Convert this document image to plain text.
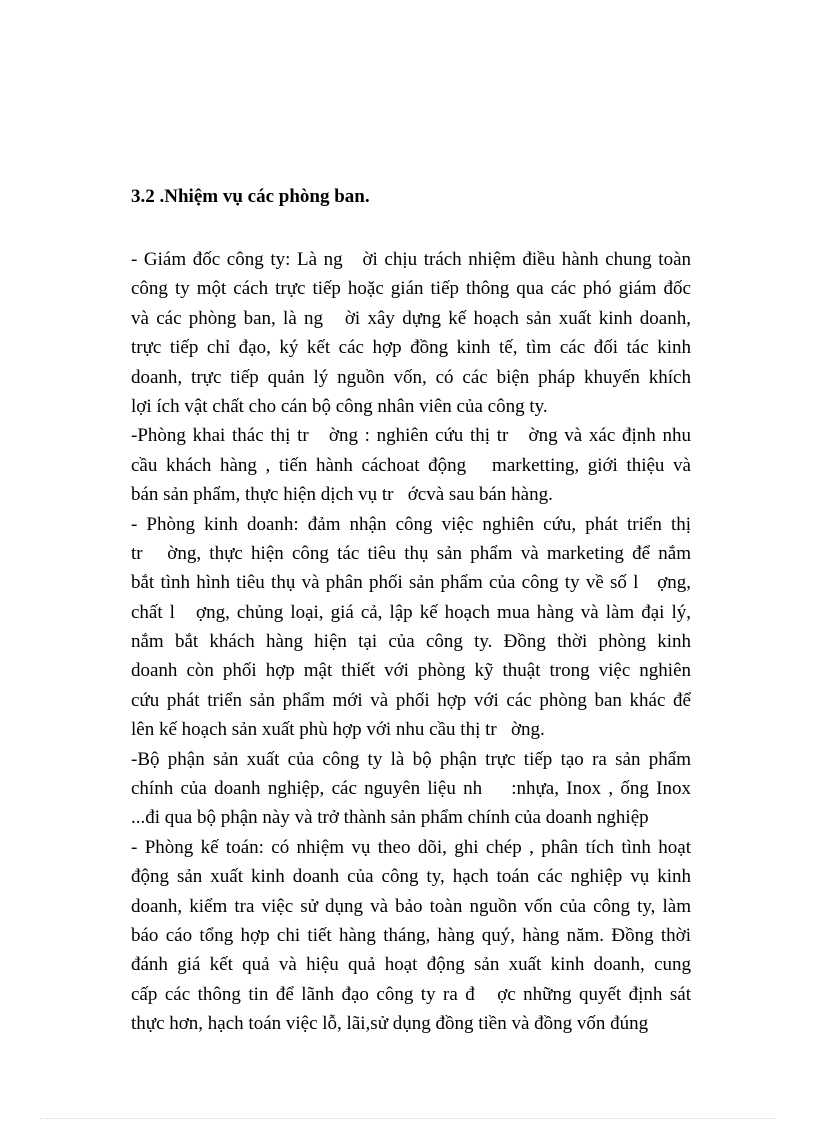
3.2 .Nhiệm vụ các phòng ban.
- Giám đốc công ty: Là ng   ời chịu trách nhiệm điều hành chung toàn
công ty một cách trực tiếp hoặc gián tiếp thông qua các phó giám đốc
và các phòng ban, là ng   ời xây dựng kế hoạch sản xuất kinh doanh,
trực tiếp chỉ đạo, ký kết các hợp đồng kinh tế, tìm các đối tác kinh
doanh, trực tiếp quản lý nguồn vốn, có các biện pháp khuyến khích
lợi ích vật chất cho cán bộ công nhân viên của công ty.
-Phòng khai thác thị tr   ờng : nghiên cứu thị tr   ờng và xác định nhu
cầu khách hàng , tiến hành cáchoat động   marketting, giới thiệu và
bán sản phẩm, thực hiện dịch vụ tr   ớcvà sau bán hàng.
- Phòng kinh doanh: đảm nhận công việc nghiên cứu, phát triển thị
tr   ờng, thực hiện công tác tiêu thụ sản phẩm và marketing để nắm
bắt tình hình tiêu thụ và phân phối sản phẩm của công ty về số l   ợng,
chất l   ợng, chủng loại, giá cả, lập kế hoạch mua hàng và làm đại lý,
nắm bắt khách hàng hiện tại của công ty. Đồng thời phòng kinh
doanh còn phối hợp mật thiết với phòng kỹ thuật trong việc nghiên
cứu phát triển sản phẩm mới và phối hợp với các phòng ban khác để
lên kế hoạch sản xuất phù hợp với nhu cầu thị tr   ờng.
-Bộ phận sản xuất của công ty là bộ phận trực tiếp tạo ra sản phẩm
chính của doanh nghiệp, các nguyên liệu nh    :nhựa, Inox , ống Inox
...đi qua bộ phận này và trở thành sản phẩm chính của doanh nghiệp
- Phòng kế toán: có nhiệm vụ theo dõi, ghi chép , phân tích tình hoạt
động sản xuất kinh doanh của công ty, hạch toán các nghiệp vụ kinh
doanh, kiểm tra việc sử dụng và bảo toàn nguồn vốn của công ty, làm
báo cáo tổng hợp chi tiết hàng tháng, hàng quý, hàng năm. Đồng thời
đánh giá kết quả và hiệu quả hoạt động sản xuất kinh doanh, cung
cấp các thông tin để lãnh đạo công ty ra đ   ợc những quyết định sát
thực hơn, hạch toán việc lỗ, lãi,sử dụng đồng tiền và đồng vốn đúng
